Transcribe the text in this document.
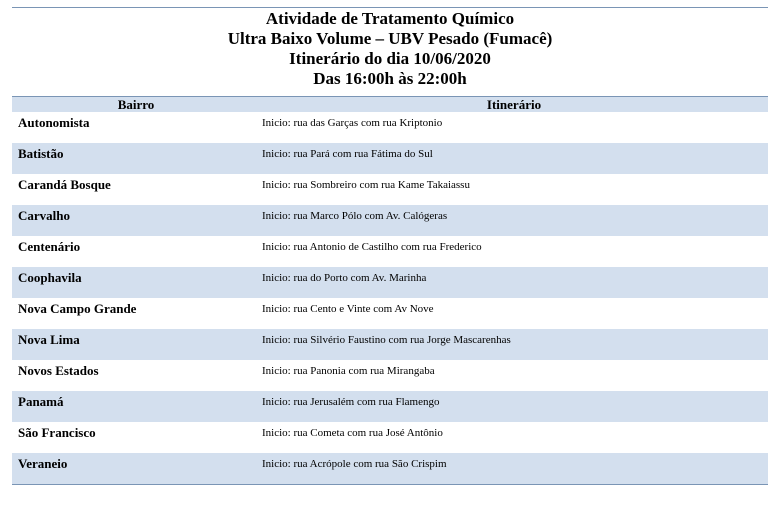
Atividade de Tratamento Químico
Ultra Baixo Volume – UBV Pesado (Fumacê)
Itinerário do dia 10/06/2020
Das 16:00h às 22:00h
Bairro	Itinerário
Autonomista	Inicio: rua das Garças com rua Kriptonio
Batistão	Inicio: rua Pará com rua Fátima do Sul
Carandá Bosque	Inicio: rua Sombreiro com rua Kame Takaiassu
Carvalho	Inicio: rua Marco Pólo com Av. Calógeras
Centenário	Inicio: rua Antonio de Castilho com rua Frederico
Coophavila	Inicio: rua do Porto com Av. Marinha
Nova Campo Grande	Inicio: rua Cento e Vinte com Av Nove
Nova Lima	Inicio: rua Silvério Faustino com rua Jorge Mascarenhas
Novos Estados	Inicio: rua Panonia com rua Mirangaba
Panamá	Inicio: rua Jerusalém com rua Flamengo
São Francisco	Inicio: rua Cometa com rua José Antônio
Veraneio	Inicio: rua Acrópole com rua São Crispim
